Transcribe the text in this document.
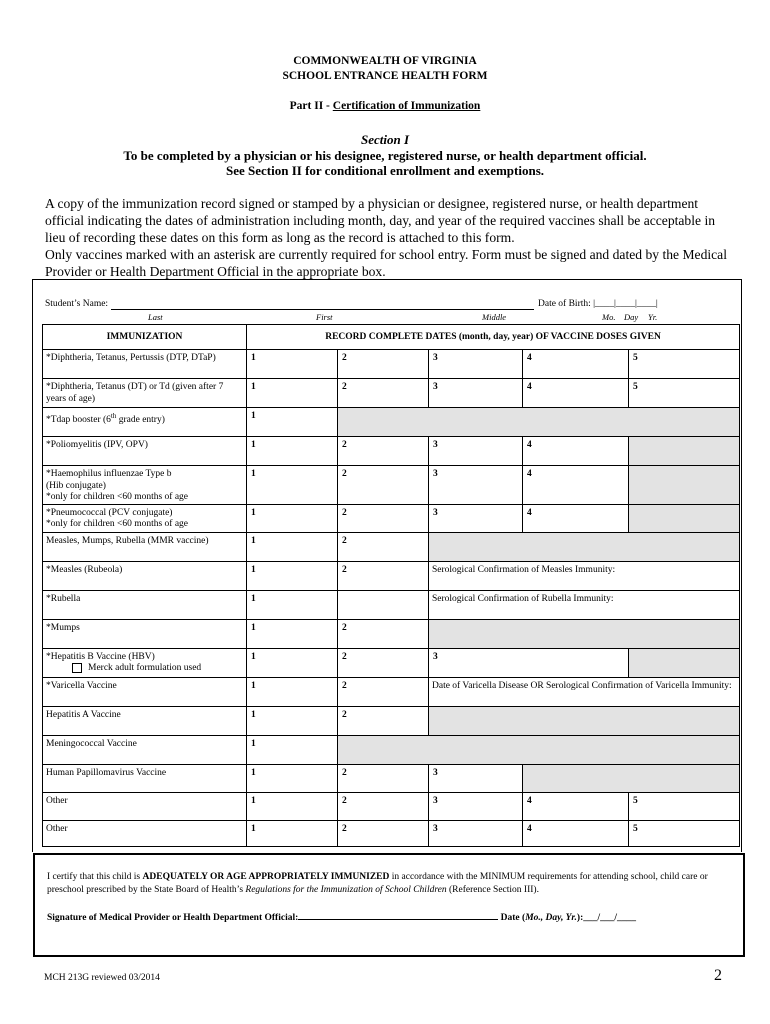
COMMONWEALTH OF VIRGINIA
SCHOOL ENTRANCE HEALTH FORM
Part II - Certification of Immunization
Section I
To be completed by a physician or his designee, registered nurse, or health department official.
See Section II for conditional enrollment and exemptions.
A copy of the immunization record signed or stamped by a physician or designee, registered nurse, or health department official indicating the dates of administration including month, day, and year of the required vaccines shall be acceptable in lieu of recording these dates on this form as long as the record is attached to this form.
Only vaccines marked with an asterisk are currently required for school entry. Form must be signed and dated by the Medical Provider or Health Department Official in the appropriate box.
Student’s Name:
Last	First	Middle
Date of Birth: |____|____|____|
Mo. Day Yr.
IMMUNIZATION	RECORD COMPLETE DATES (month, day, year) OF VACCINE DOSES GIVEN				
*Diphtheria, Tetanus, Pertussis (DTP, DTaP)	1	2	3	4	5
*Diphtheria, Tetanus (DT) or Td (given after 7 years of age)	1	2	3	4	5
*Tdap booster (6th grade entry)	1				
*Poliomyelitis (IPV, OPV)	1	2	3	4	

*Haemophilus influenzae Type b
(Hib conjugate)
*only for children <60 months of age	1	2	3	4	

*Pneumococcal (PCV conjugate)
*only for children <60 months of age	1	2	3	4	
Measles, Mumps, Rubella (MMR vaccine)	1	2			
*Measles (Rubeola)	1	2	Serological Confirmation of Measles Immunity:		
*Rubella	1		Serological Confirmation of Rubella Immunity:		
*Mumps	1	2			

*Hepatitis B Vaccine (HBV)
Merck adult formulation used	1	2	3		
*Varicella Vaccine	1	2	Date of Varicella Disease OR Serological Confirmation of Varicella Immunity:		
Hepatitis A Vaccine	1	2			
Meningococcal Vaccine	1				
Human Papillomavirus Vaccine	1	2	3		
Other	1	2	3	4	5
Other	1	2	3	4	5
I certify that this child is ADEQUATELY OR AGE APPROPRIATELY IMMUNIZED in accordance with the MINIMUM requirements for attending school, child care or preschool prescribed by the State Board of Health’s Regulations for the Immunization of School Children (Reference Section III).
Signature of Medical Provider or Health Department Official:	Date (Mo., Day, Yr.):___/___/____
MCH 213G reviewed 03/2014	2
